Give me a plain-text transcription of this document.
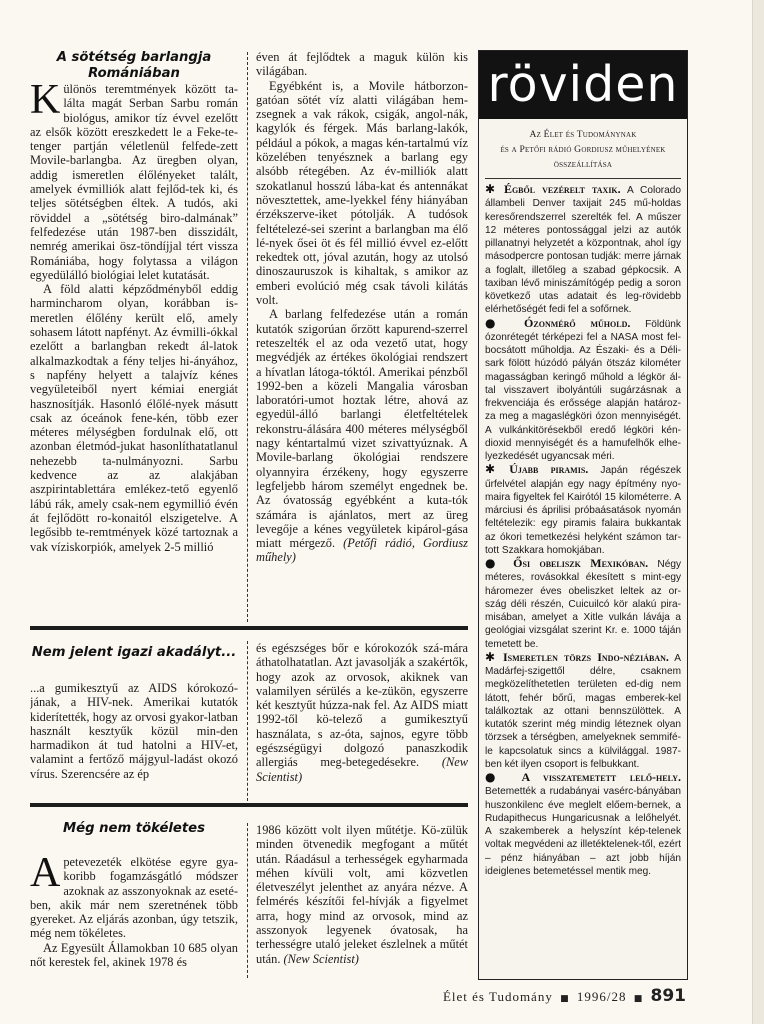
A sötétség barlangja Romániában
K ülönös teremtmények között ta-lálta magát Serban Sarbu román biológus, amikor tíz évvel ezelőtt az elsők között ereszkedett le a Feke-te-tenger partján véletlenül felfede-zett Movile-barlangba. Az üregben olyan, addig ismeretlen élőlényeket talált, amelyek évmilliók alatt fejlőd-tek ki, és teljes sötétségben éltek. A tudós, aki röviddel a „sötétség biro-dalmának” felfedezése után 1987-ben disszidált, nemrég amerikai ösz-töndíjjal tért vissza Romániába, hogy folytassa a világon egyedülálló biológiai lelet kutatását.

A föld alatti képződményből eddig harmincharom olyan, korábban is-meretlen élőlény került elő, amely sohasem látott napfényt. Az évmilli-ókkal ezelőtt a barlangban rekedt ál-latok alkalmazkodtak a fény teljes hi-ányához, s napfény helyett a talajvíz kénes vegyületeiből nyert kémiai energiát hasznosítják. Hasonló élőlé-nyek másutt csak az óceánok fene-kén, több ezer méteres mélységben fordulnak elő, ott azonban életmód-jukat hasonlíthatatlanul nehezebb ta-nulmányozni. Sarbu kedvence az az alakjában aszpirintablettára emlékez-tető egyenlő lábú rák, amely csak-nem egymillió évén át fejlődött ro-konaitól elszigetelve. A legősibb te-remtmények közé tartoznak a vak víziskorpiók, amelyek 2-5 millió

éven át fejlődtek a maguk külön kis világában.

Egyébként is, a Movile hátborzon-gatóan sötét víz alatti világában hem-zsegnek a vak rákok, csigák, angol-nák, kagylók és férgek. Más barlang-lakók, például a pókok, a magas kén-tartalmú víz közelében tenyésznek a barlang egy alsóbb rétegében. Az év-milliók alatt szokatlanul hosszú lába-kat és antennákat növesztettek, ame-lyekkel fény hiányában érzékszerve-iket pótolják. A tudósok feltételezé-sei szerint a barlangban ma élő lé-nyek ősei öt és fél millió évvel ez-előtt rekedtek ott, jóval azután, hogy az utolsó dinoszauruszok is kihaltak, s amikor az emberi evolúció még csak távoli kilátás volt.

A barlang felfedezése után a román kutatók szigorúan őrzött kapurend-szerrel reteszelték el az oda vezető utat, hogy megvédjék az értékes ökológiai rendszert a hívatlan látoga-tóktól. Amerikai pénzből 1992-ben a közeli Mangalia városban laboratóri-umot hoztak létre, ahová az egyedül-álló barlangi életfeltételek rekonstru-álására 400 méteres mélységből nagy kéntartalmú vizet szivattyúznak. A Movile-barlang ökológiai rendszere olyannyira érzékeny, hogy egyszerre legfeljebb három személyt engednek be. Az óvatosság egyébként a kuta-tók számára is ajánlatos, mert az üreg levegője a kénes vegyületek kipárol-gása miatt mérgező. (Petőfi rádió, Gordiusz műhely)

Nem jelent igazi akadályt...

...a gumikesztyű az AIDS kórokozó-jának, a HIV-nek. Amerikai kutatók kiderítették, hogy az orvosi gyakor-latban használt kesztyűk közül min-den harmadikon át tud hatolni a HIV-et, valamint a fertőző májgyul-ladást okozó vírus. Szerencsére az ép

és egészséges bőr e kórokozók szá-mára áthatolhatatlan. Azt javasolják a szakértők, hogy azok az orvosok, akiknek van valamilyen sérülés a ke-zükön, egyszerre két kesztyűt húzza-nak fel. Az AIDS miatt 1992-től kö-telező a gumikesztyű használata, s az-óta, sajnos, egyre több egészségügyi dolgozó panaszkodik allergiás meg-betegedésekre. (New Scientist)

Még nem tökéletes
A petevezeték elkötése egyre gya-koribb fogamzásgátló módszer azoknak az asszonyoknak az eseté-ben, akik már nem szeretnének több gyereket. Az eljárás azonban, úgy tetszik, még nem tökéletes.

Az Egyesült Államokban 10 685 olyan nőt kerestek fel, akinek 1978 és

1986 között volt ilyen műtétje. Kö-zülük minden ötvenedik megfogant a műtét után. Ráadásul a terhességek egyharmada méhen kívüli volt, ami közvetlen életveszélyt jelenthet az anyára nézve. A felmérés készítői fel-hívják a figyelmet arra, hogy mind az orvosok, mind az asszonyok legyenek óvatosak, ha terhességre utaló jeleket észlelnek a műtét után. (New Scientist)

röviden
Az Élet és Tudománynak
és a Petőfi rádió Gordiusz műhelyének
összeállítása

✱ Égből vezérelt taxik. A Colorado állambeli Denver taxijait 245 mű-holdas keresőrendszerrel szerelték fel. A műszer 12 méteres pontossággal jelzi az autók pillanatnyi helyzetét a központnak, ahol így másodpercre pontosan tudják: merre járnak a foglalt, illetőleg a szabad gépkocsik. A taxiban lévő miniszámítógép pedig a soron következő utas adatait és leg-rövidebb elérhetőségét fedi fel a sofőrnek.

● Ózonmérő műhold. Földünk ózonrétegét térképezi fel a NASA most fel-bocsátott műholdja. Az Északi- és a Déli-sark fölött húzódó pályán ötszáz kilométer magasságban keringő műhold a légkör ál-tal visszavert ibolyántúli sugárzásnak a frekvenciája és erőssége alapján határoz-za meg a magaslégköri ózon mennyiségét. A vulkánkitörésekből eredő légköri kén-dioxid mennyiségét és a hamufelhők elhe-lyezkedését ugyancsak méri.

✱ Újabb piramis. Japán régészek űrfelvétel alapján egy nagy építmény nyo-maira figyeltek fel Kairótól 15 kilométerre. A márciusi és áprilisi próbaásatások nyomán feltételezik: egy piramis falaira bukkantak az ókori temetkezési helyként számon tar-tott Szakkara homokjában.

● Ősi obeliszk Mexikóban. Négy méteres, rovásokkal ékesített s mint-egy háromezer éves obeliszket leltek az or-szág déli részén, Cuicuilcó kör alakú pira-misában, amelyet a Xitle vulkán lávája a geológiai vizsgálat szerint Kr. e. 1000 táján temetett be.

✱ Ismeretlen törzs Indo-néziában. A Madárfej-szigettől délre, csaknem megközelíthetetlen területen ed-dig nem látott, fehér bőrű, magas emberek-kel találkoztak az ottani bennszülöttek. A kutatók szerint még mindig léteznek olyan törzsek a térségben, amelyeknek semmifé-le kapcsolatuk sincs a külvilággal. 1987-ben két ilyen csoport is felbukkant.

● A visszatemetett lelő-hely. Betemették a rudabányai vasérc-bányában huszonkilenc éve meglelt előem-bernek, a Rudapithecus Hungaricusnak a lelőhelyét. A szakemberek a helyszínt kép-telenek voltak megvédeni az illetéktelenek-től, ezért – pénz hiányában – azt jobb híján ideiglenes betemetéssel mentik meg.

Élet és Tudomány ■ 1996/28 ■ 891
